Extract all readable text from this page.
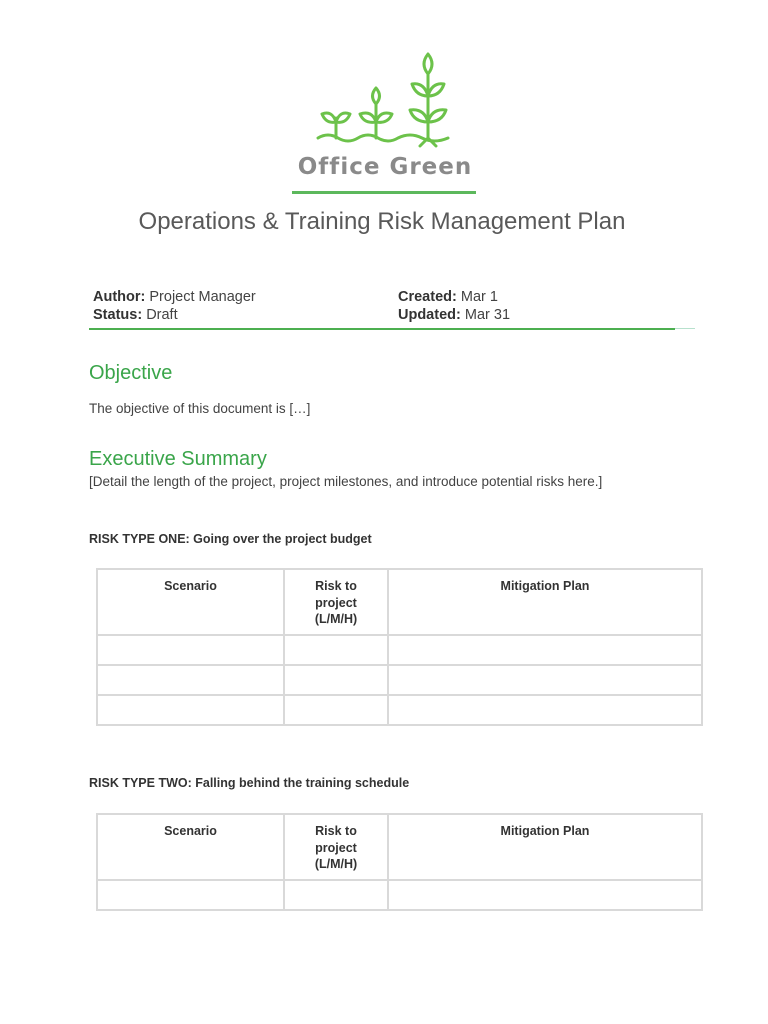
Office Green
Operations & Training Risk Management Plan
Author: Project Manager
Status: Draft
Created: Mar 1
Updated: Mar 31
Objective
The objective of this document is […]
Executive Summary
[Detail the length of the project, project milestones, and introduce potential risks here.]
RISK TYPE ONE: Going over the project budget
Scenario	Risk to project (L/M/H)	Mitigation Plan

RISK TYPE TWO: Falling behind the training schedule
Scenario	Risk to project (L/M/H)	Mitigation Plan
